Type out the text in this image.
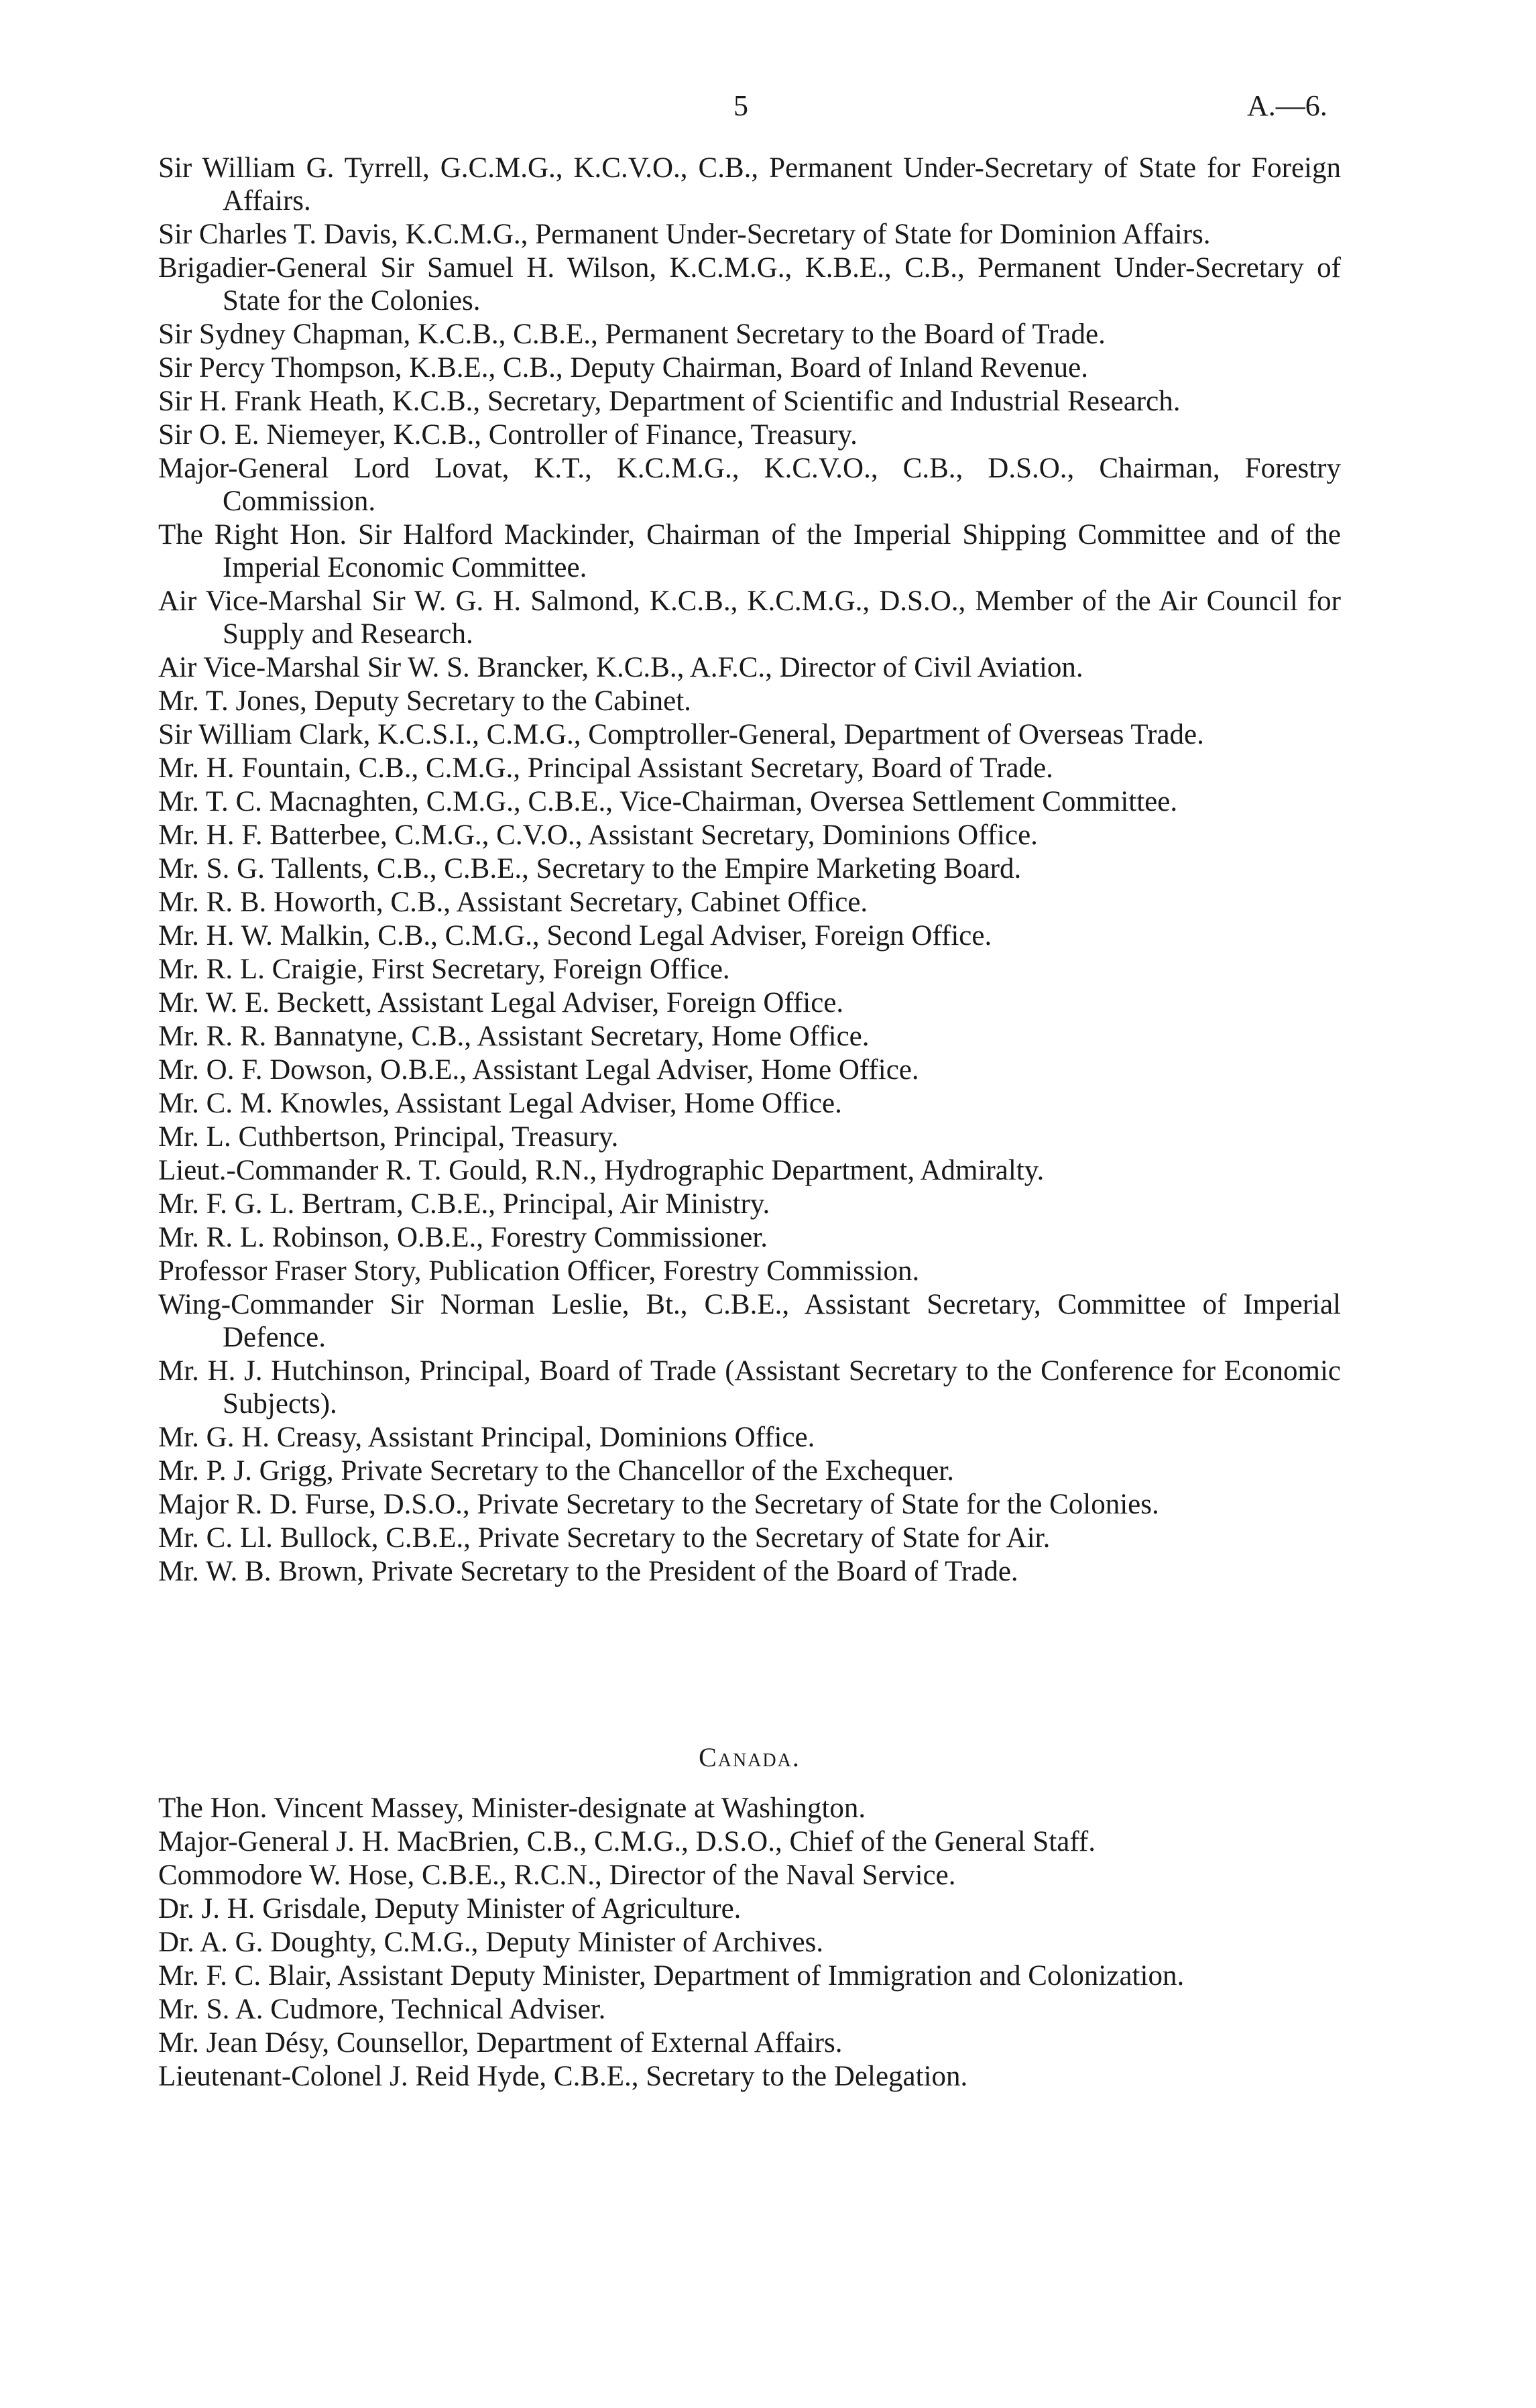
5	A.—6.

Sir William G. Tyrrell, G.C.M.G., K.C.V.O., C.B., Permanent Under-Secretary of State for Foreign Affairs.

Sir Charles T. Davis, K.C.M.G., Permanent Under-Secretary of State for Dominion Affairs.

Brigadier-General Sir Samuel H. Wilson, K.C.M.G., K.B.E., C.B., Permanent Under-Secretary of State for the Colonies.

Sir Sydney Chapman, K.C.B., C.B.E., Permanent Secretary to the Board of Trade.

Sir Percy Thompson, K.B.E., C.B., Deputy Chairman, Board of Inland Revenue.

Sir H. Frank Heath, K.C.B., Secretary, Department of Scientific and Industrial Research.

Sir O. E. Niemeyer, K.C.B., Controller of Finance, Treasury.

Major-General Lord Lovat, K.T., K.C.M.G., K.C.V.O., C.B., D.S.O., Chairman, Forestry Commission.

The Right Hon. Sir Halford Mackinder, Chairman of the Imperial Shipping Committee and of the Imperial Economic Committee.

Air Vice-Marshal Sir W. G. H. Salmond, K.C.B., K.C.M.G., D.S.O., Member of the Air Council for Supply and Research.

Air Vice-Marshal Sir W. S. Brancker, K.C.B., A.F.C., Director of Civil Aviation.

Mr. T. Jones, Deputy Secretary to the Cabinet.

Sir William Clark, K.C.S.I., C.M.G., Comptroller-General, Department of Overseas Trade.

Mr. H. Fountain, C.B., C.M.G., Principal Assistant Secretary, Board of Trade.

Mr. T. C. Macnaghten, C.M.G., C.B.E., Vice-Chairman, Oversea Settlement Committee.

Mr. H. F. Batterbee, C.M.G., C.V.O., Assistant Secretary, Dominions Office.

Mr. S. G. Tallents, C.B., C.B.E., Secretary to the Empire Marketing Board.

Mr. R. B. Howorth, C.B., Assistant Secretary, Cabinet Office.

Mr. H. W. Malkin, C.B., C.M.G., Second Legal Adviser, Foreign Office.

Mr. R. L. Craigie, First Secretary, Foreign Office.

Mr. W. E. Beckett, Assistant Legal Adviser, Foreign Office.

Mr. R. R. Bannatyne, C.B., Assistant Secretary, Home Office.

Mr. O. F. Dowson, O.B.E., Assistant Legal Adviser, Home Office.

Mr. C. M. Knowles, Assistant Legal Adviser, Home Office.

Mr. L. Cuthbertson, Principal, Treasury.

Lieut.-Commander R. T. Gould, R.N., Hydrographic Department, Admiralty.

Mr. F. G. L. Bertram, C.B.E., Principal, Air Ministry.

Mr. R. L. Robinson, O.B.E., Forestry Commissioner.

Professor Fraser Story, Publication Officer, Forestry Commission.

Wing-Commander Sir Norman Leslie, Bt., C.B.E., Assistant Secretary, Committee of Imperial Defence.

Mr. H. J. Hutchinson, Principal, Board of Trade (Assistant Secretary to the Conference for Economic Subjects).

Mr. G. H. Creasy, Assistant Principal, Dominions Office.

Mr. P. J. Grigg, Private Secretary to the Chancellor of the Exchequer.

Major R. D. Furse, D.S.O., Private Secretary to the Secretary of State for the Colonies.

Mr. C. Ll. Bullock, C.B.E., Private Secretary to the Secretary of State for Air.

Mr. W. B. Brown, Private Secretary to the President of the Board of Trade.

Canada.

The Hon. Vincent Massey, Minister-designate at Washington.

Major-General J. H. MacBrien, C.B., C.M.G., D.S.O., Chief of the General Staff.

Commodore W. Hose, C.B.E., R.C.N., Director of the Naval Service.

Dr. J. H. Grisdale, Deputy Minister of Agriculture.

Dr. A. G. Doughty, C.M.G., Deputy Minister of Archives.

Mr. F. C. Blair, Assistant Deputy Minister, Department of Immigration and Colonization.

Mr. S. A. Cudmore, Technical Adviser.

Mr. Jean Désy, Counsellor, Department of External Affairs.

Lieutenant-Colonel J. Reid Hyde, C.B.E., Secretary to the Delegation.
